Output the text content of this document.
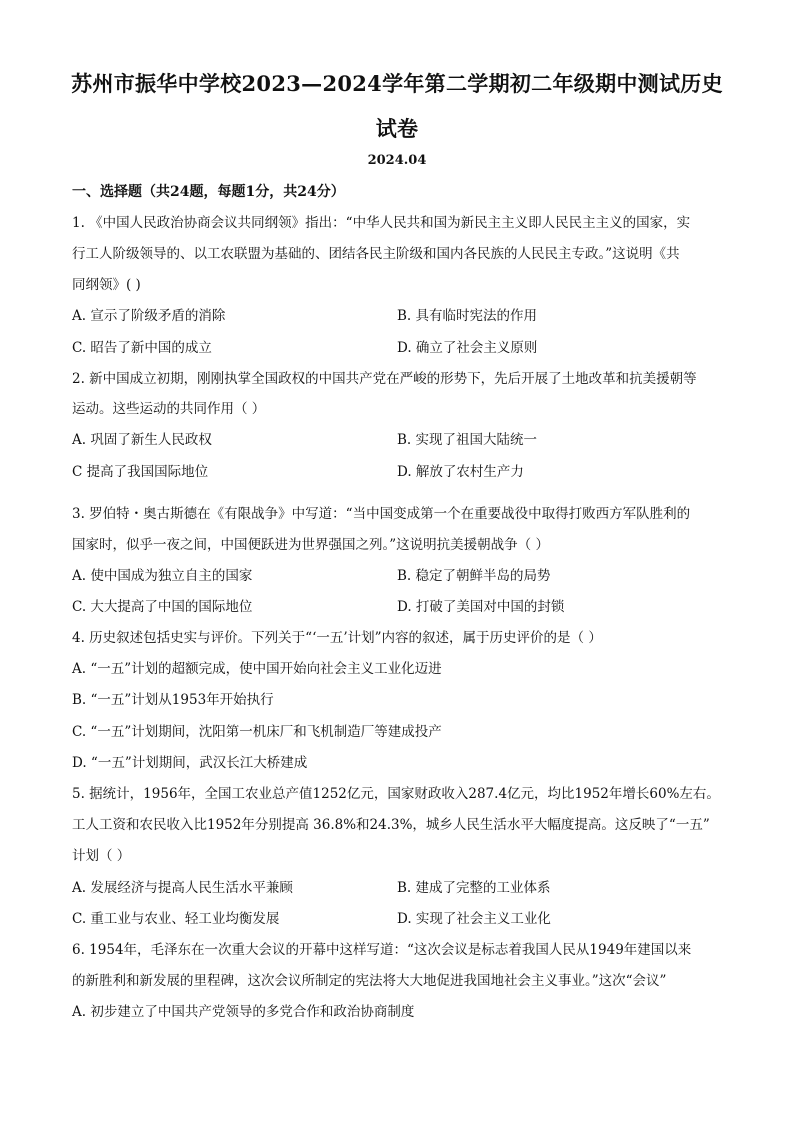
苏州市振华中学校2023—2024学年第二学期初二年级期中测试历史
试卷
2024.04
一、选择题（共24题，每题1分，共24分）
1. 《中国人民政治协商会议共同纲领》指出：“中华人民共和国为新民主主义即人民民主主义的国家，实
行工人阶级领导的、以工农联盟为基础的、团结各民主阶级和国内各民族的人民民主专政。”这说明《共
同纲领》( )
A. 宣示了阶级矛盾的消除	B. 具有临时宪法的作用
C. 昭告了新中国的成立	D. 确立了社会主义原则
2. 新中国成立初期，刚刚执掌全国政权的中国共产党在严峻的形势下，先后开展了土地改革和抗美援朝等
运动。这些运动的共同作用（ ）
A. 巩固了新生人民政权	B. 实现了祖国大陆统一
C 提高了我国国际地位	D. 解放了农村生产力
3. 罗伯特・奥古斯德在《有限战争》中写道：“当中国变成第一个在重要战役中取得打败西方军队胜利的
国家时，似乎一夜之间，中国便跃进为世界强国之列。”这说明抗美援朝战争（ ）
A. 使中国成为独立自主的国家	B. 稳定了朝鲜半岛的局势
C. 大大提高了中国的国际地位	D. 打破了美国对中国的封锁
4. 历史叙述包括史实与评价。下列关于“‘一五’计划”内容的叙述，属于历史评价的是（ ）
A. “一五”计划的超额完成，使中国开始向社会主义工业化迈进
B. “一五”计划从1953年开始执行
C. “一五”计划期间，沈阳第一机床厂和飞机制造厂等建成投产
D. “一五”计划期间，武汉长江大桥建成
5. 据统计，1956年，全国工农业总产值1252亿元，国家财政收入287.4亿元，均比1952年增长60%左右。
工人工资和农民收入比1952年分别提高 36.8%和24.3%，城乡人民生活水平大幅度提高。这反映了“一五”
计划（ ）
A. 发展经济与提高人民生活水平兼顾	B. 建成了完整的工业体系
C. 重工业与农业、轻工业均衡发展	D. 实现了社会主义工业化
6. 1954年，毛泽东在一次重大会议的开幕中这样写道：“这次会议是标志着我国人民从1949年建国以来
的新胜利和新发展的里程碑，这次会议所制定的宪法将大大地促进我国地社会主义事业。”这次“会议”
A. 初步建立了中国共产党领导的多党合作和政治协商制度
